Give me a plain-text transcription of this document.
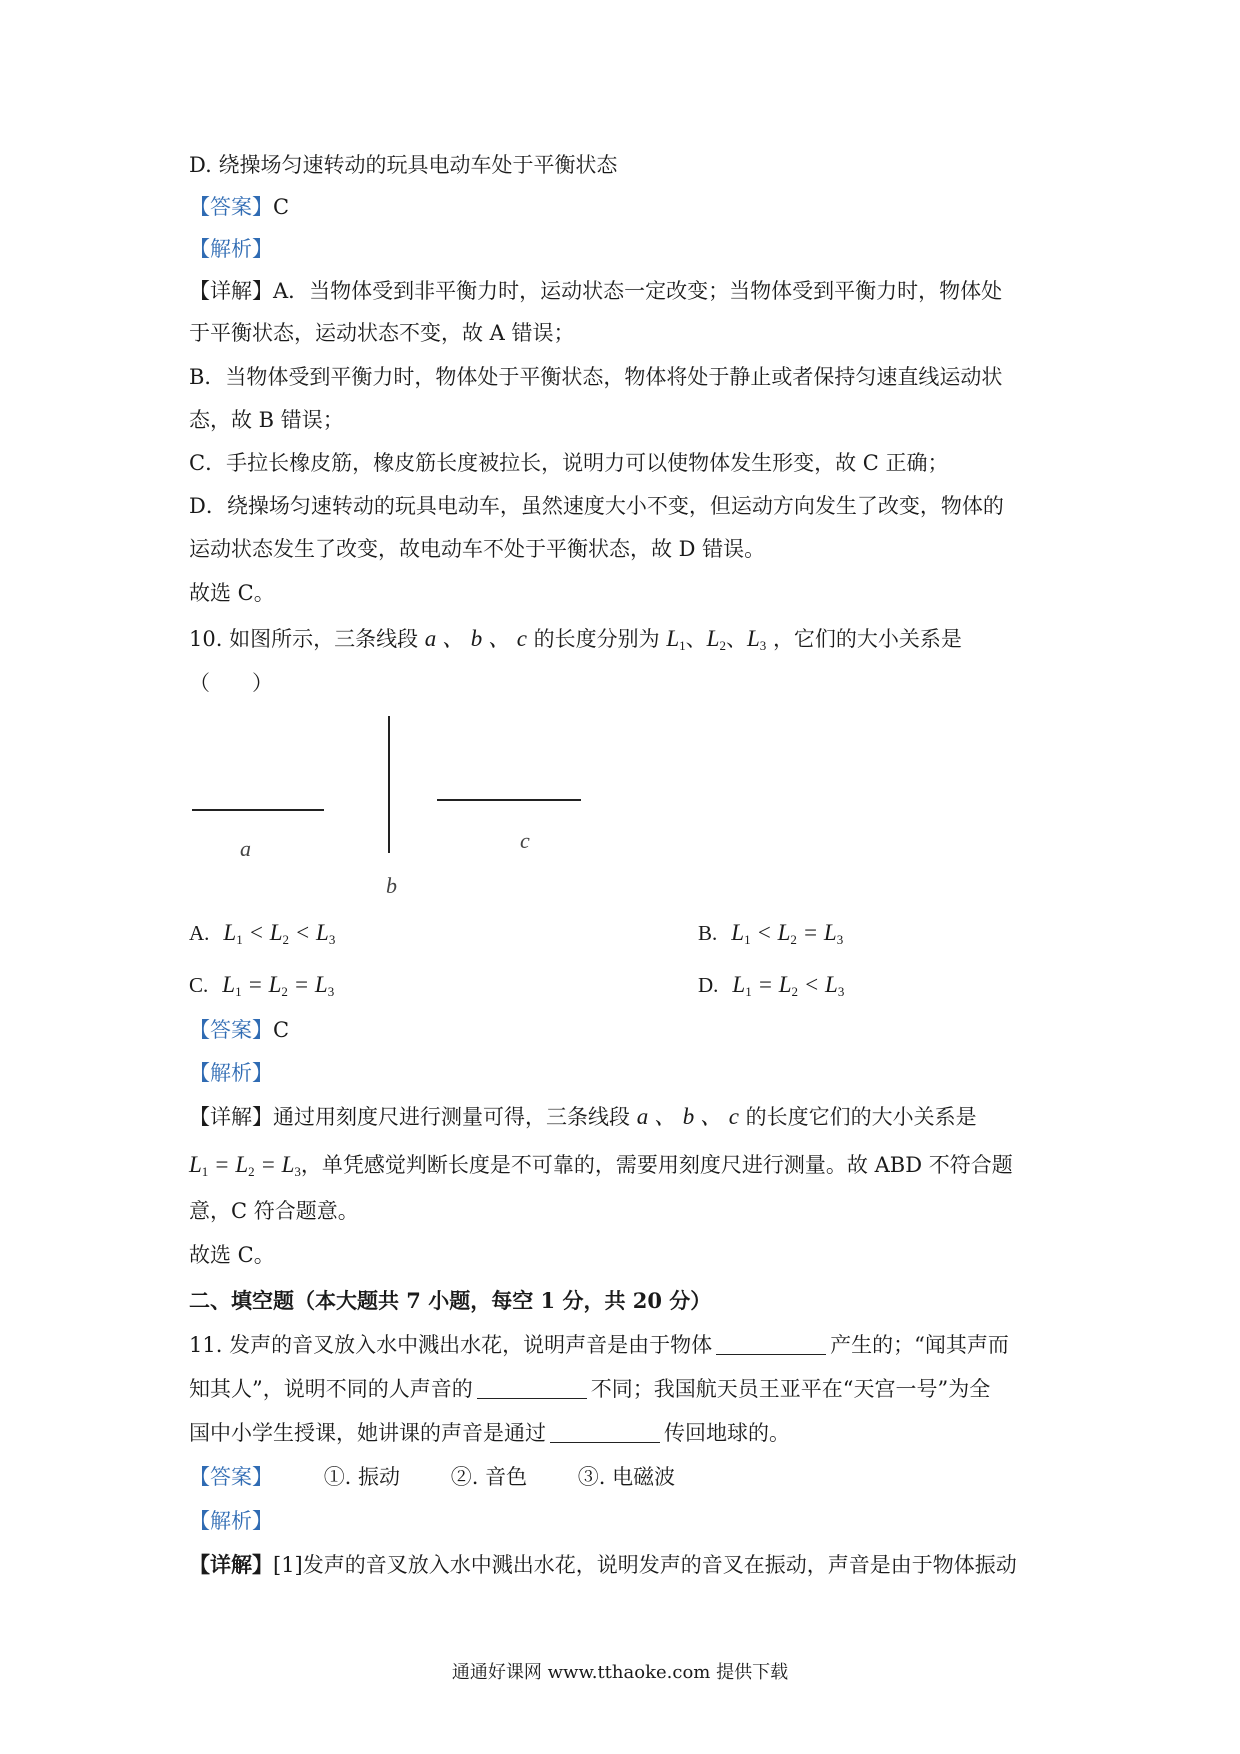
D. 绕操场匀速转动的玩具电动车处于平衡状态
【答案】C
【解析】
【详解】A．当物体受到非平衡力时，运动状态一定改变；当物体受到平衡力时，物体处
于平衡状态，运动状态不变，故 A 错误；
B．当物体受到平衡力时，物体处于平衡状态，物体将处于静止或者保持匀速直线运动状
态，故 B 错误；
C．手拉长橡皮筋，橡皮筋长度被拉长，说明力可以使物体发生形变，故 C 正确；
D．绕操场匀速转动的玩具电动车，虽然速度大小不变，但运动方向发生了改变，物体的
运动状态发生了改变，故电动车不处于平衡状态，故 D 错误。
故选 C。
10. 如图所示，三条线段 a 、 b 、 c 的长度分别为 $L_1$、$L_2$、$L_3$ ，它们的大小关系是
（　　）
a
b
c
A. $L_1 < L_2 < L_3$	B. $L_1 < L_2 = L_3$
C. $L_1 = L_2 = L_3$	D. $L_1 = L_2 < L_3$
【答案】C
【解析】
【详解】通过用刻度尺进行测量可得，三条线段 a 、 b 、 c 的长度它们的大小关系是
$L_1 = L_2 = L_3$，单凭感觉判断长度是不可靠的，需要用刻度尺进行测量。故 ABD 不符合题
意，C 符合题意。
故选 C。
二、填空题（本大题共 7 小题，每空 1 分，共 20 分）
11. 发声的音叉放入水中溅出水花，说明声音是由于物体	产生的；“闻其声而
知其人”，说明不同的人声音的	不同；我国航天员王亚平在“天宫一号”为全
国中小学生授课，她讲课的声音是通过	传回地球的。
【答案】 ①. 振动 ②. 音色 ③. 电磁波
【解析】
【详解】[1]发声的音叉放入水中溅出水花，说明发声的音叉在振动，声音是由于物体振动
通通好课网 www.tthaoke.com 提供下载
